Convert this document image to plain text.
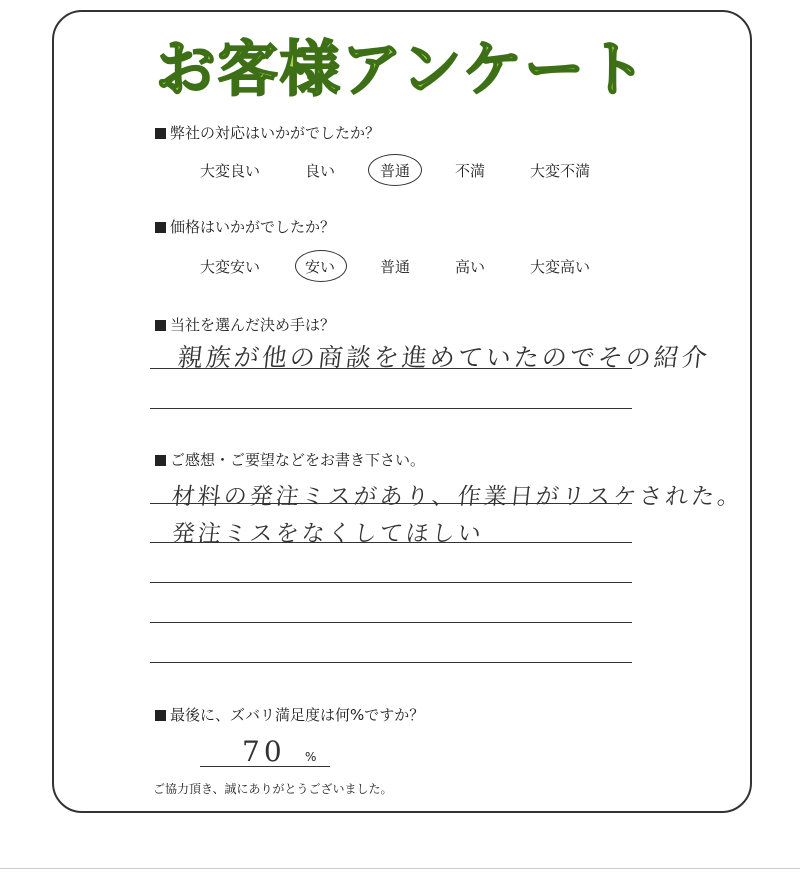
お客様アンケート
弊社の対応はいかがでしたか？
大変良い	良い	普通	不満	大変不満
価格はいかがでしたか？
大変安い	安い	普通	高い	大変高い
当社を選んだ決め手は？
親族が他の商談を進めていたのでその紹介
ご感想・ご要望などをお書き下さい。
材料の発注ミスがあり、作業日がリスケされた。
発注ミスをなくしてほしい
最後に、ズバリ満足度は何%ですか？
70 %
ご協力頂き、誠にありがとうございました。
